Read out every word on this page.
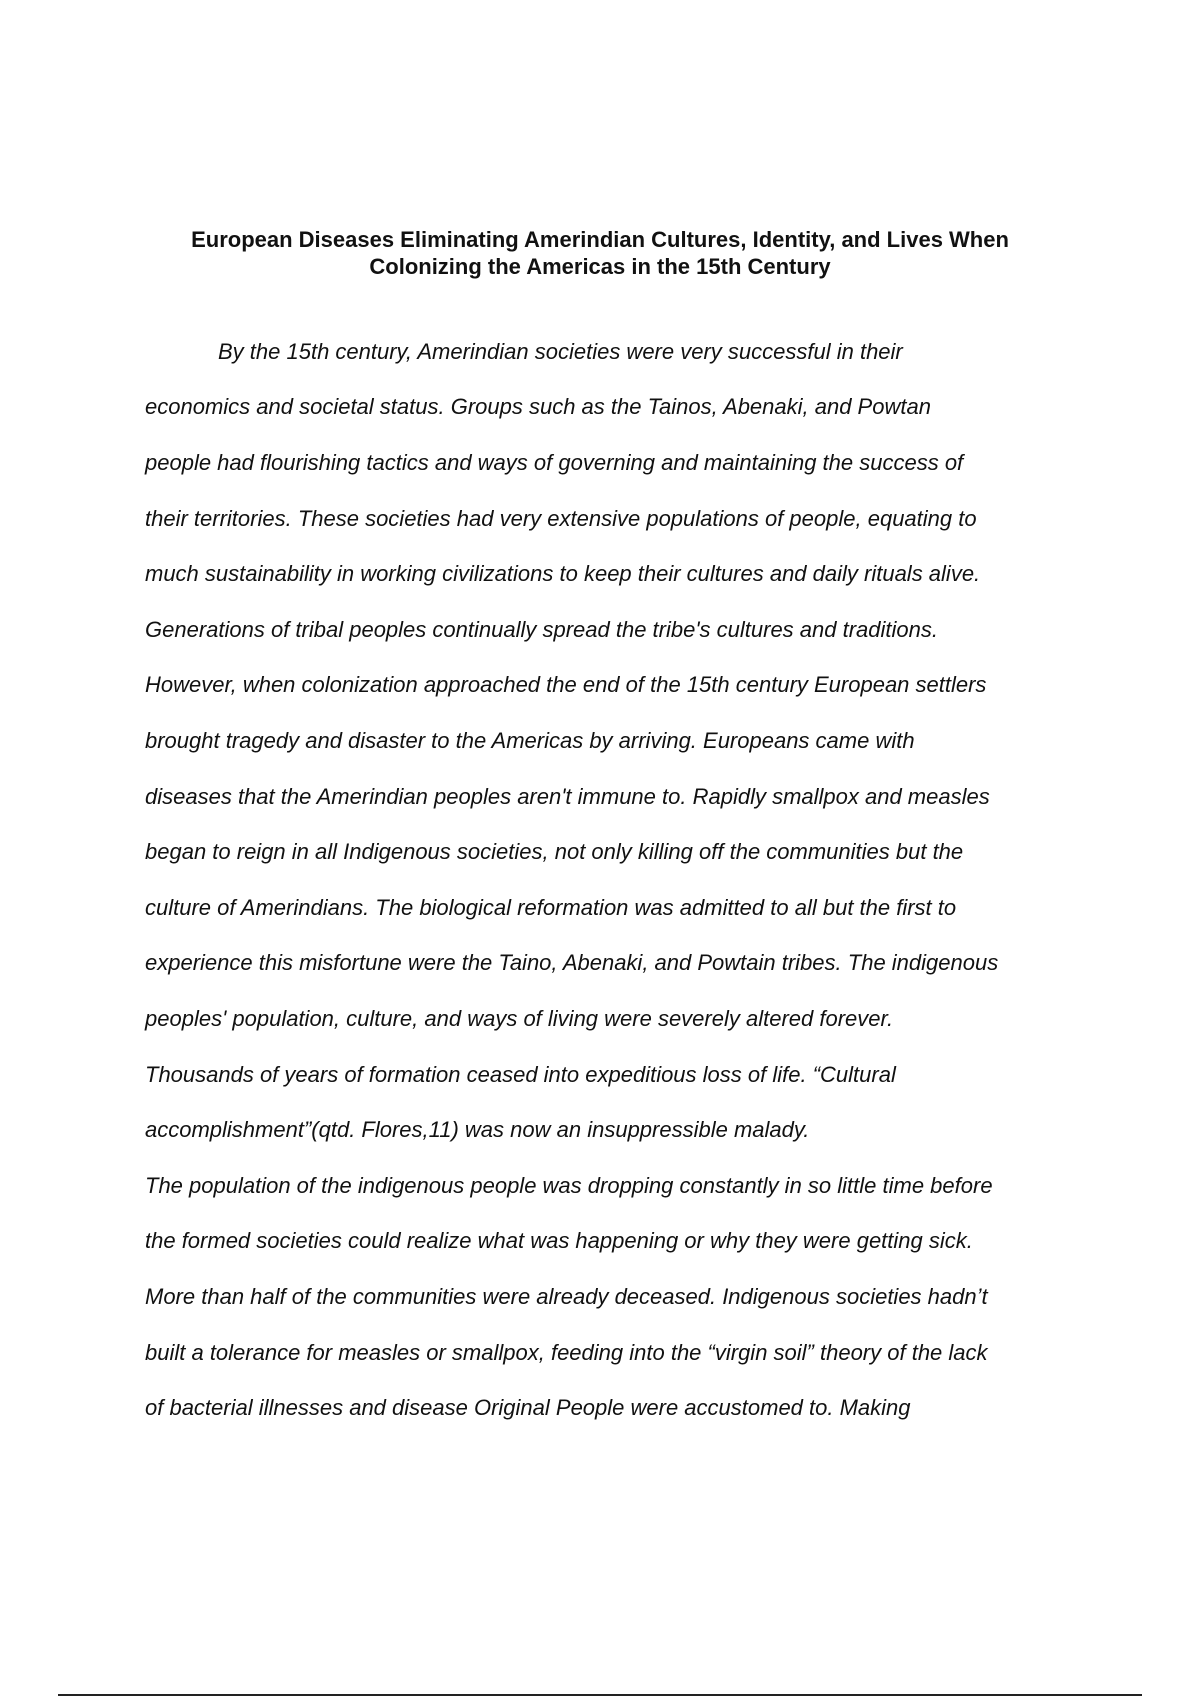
European Diseases Eliminating Amerindian Cultures, Identity, and Lives When
Colonizing the Americas in the 15th Century

By the 15th century, Amerindian societies were very successful in their

economics and societal status. Groups such as the Tainos, Abenaki, and Powtan

people had flourishing tactics and ways of governing and maintaining the success of

their territories. These societies had very extensive populations of people, equating to

much sustainability in working civilizations to keep their cultures and daily rituals alive.

Generations of tribal peoples continually spread the tribe's cultures and traditions.

However, when colonization approached the end of the 15th century European settlers

brought tragedy and disaster to the Americas by arriving. Europeans came with

diseases that the Amerindian peoples aren't immune to. Rapidly smallpox and measles

began to reign in all Indigenous societies, not only killing off the communities but the

culture of Amerindians. The biological reformation was admitted to all but the first to

experience this misfortune were the Taino, Abenaki, and Powtain tribes. The indigenous

peoples' population, culture, and ways of living were severely altered forever.

Thousands of years of formation ceased into expeditious loss of life. “Cultural

accomplishment”(qtd. Flores,11) was now an insuppressible malady.

The population of the indigenous people was dropping constantly in so little time before

the formed societies could realize what was happening or why they were getting sick.

More than half of the communities were already deceased. Indigenous societies hadn’t

built a tolerance for measles or smallpox, feeding into the “virgin soil” theory of the lack

of bacterial illnesses and disease Original People were accustomed to. Making
